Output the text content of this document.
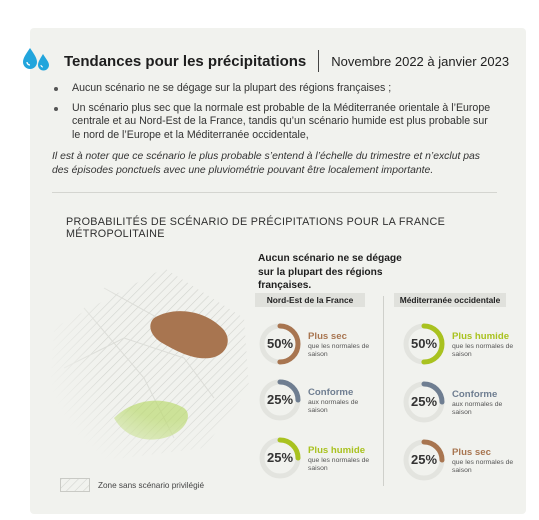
Tendances pour les précipitations Novembre 2022 à janvier 2023
Aucun scénario ne se dégage sur la plupart des régions françaises ;
Un scénario plus sec que la normale est probable de la Méditerranée orientale à l’Europe centrale et au Nord-Est de la France, tandis qu’un scénario humide est plus probable sur le nord de l’Europe et la Méditerranée occidentale,
Il est à noter que ce scénario le plus probable s’entend à l’échelle du trimestre et n’exclut pas des épisodes ponctuels avec une pluviométrie pouvant être localement importante.
PROBABILITÉS DE SCÉNARIO DE PRÉCIPITATIONS POUR LA FRANCE MÉTROPOLITAINE
Zone sans scénario privilégié
Aucun scénario ne se dégage sur la plupart des régions françaises.
Nord-Est de la France	Méditerranée occidentale
50%	Plus sec
que les normales de saison
25%	Conforme
aux normales de saison
25%	Plus humide
que les normales de saison
50%	Plus humide
que les normales de saison
25%	Conforme
aux normales de saison
25%	Plus sec
que les normales de saison
